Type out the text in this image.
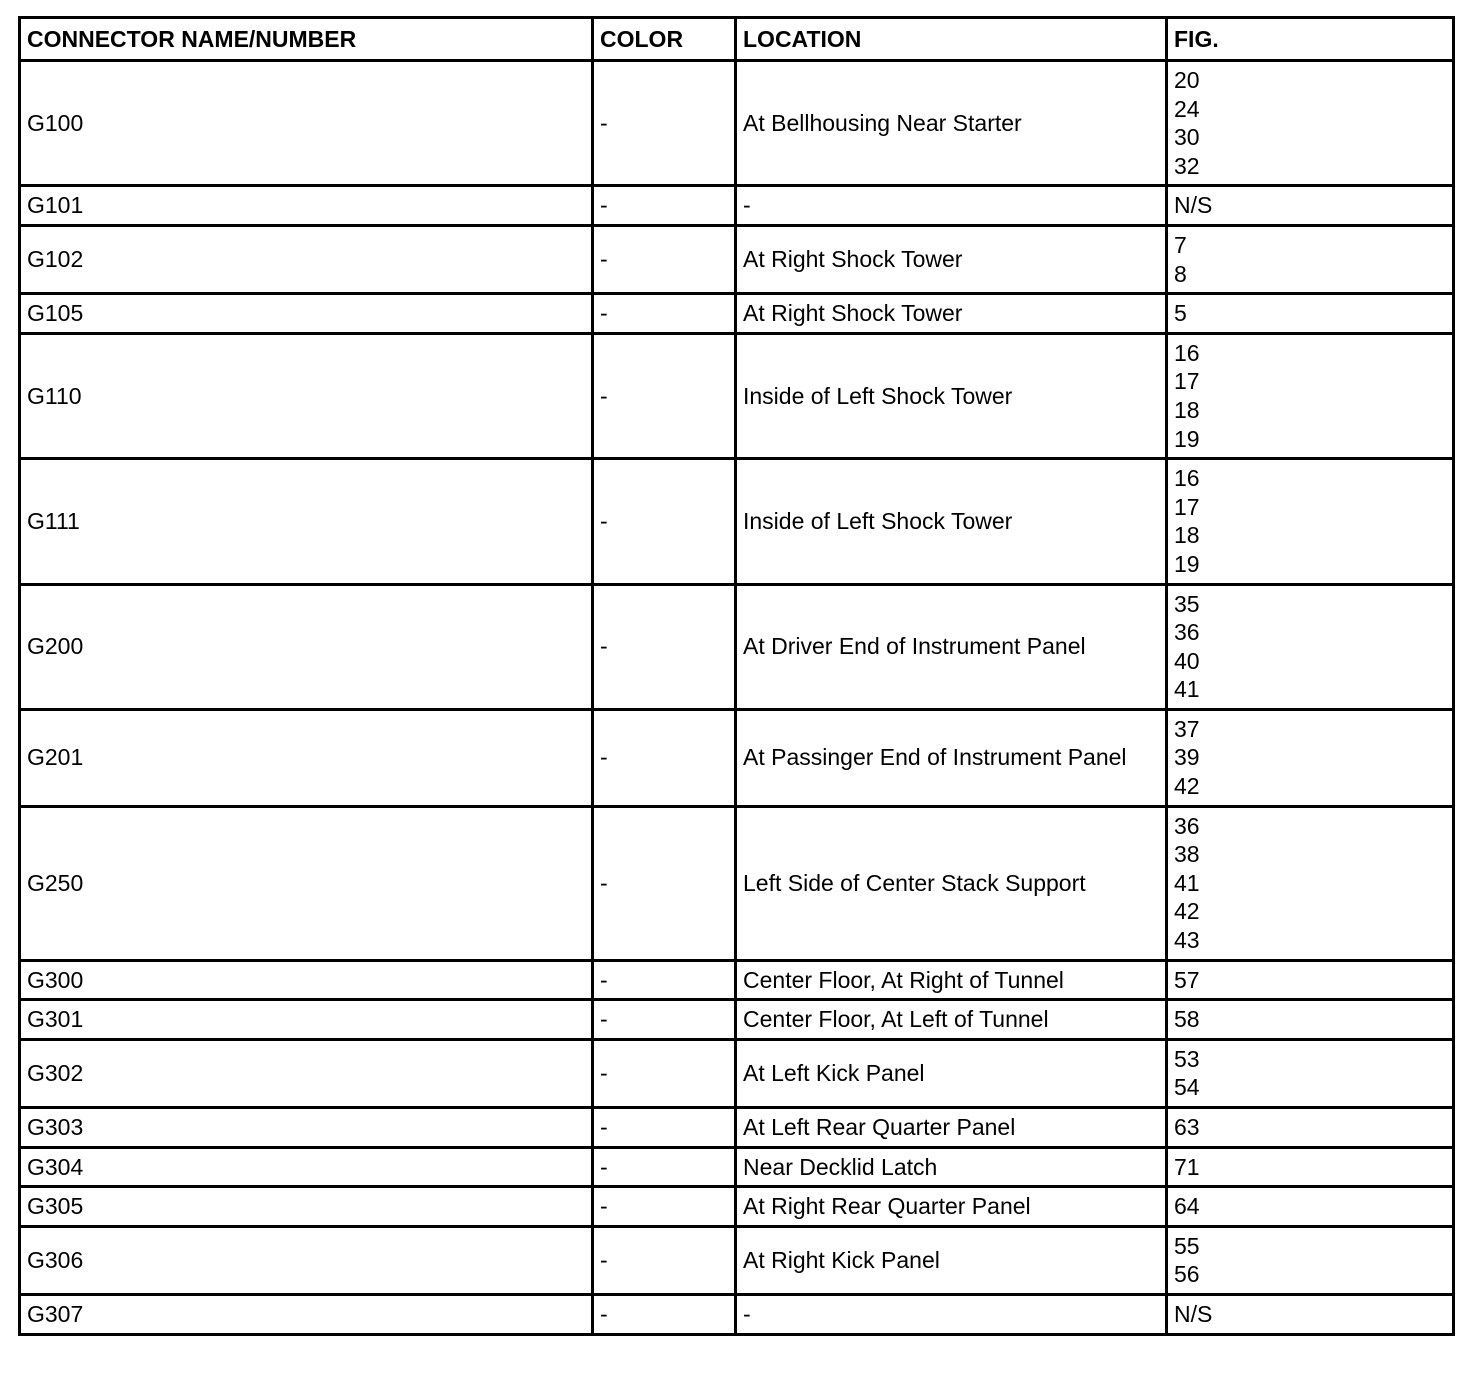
CONNECTOR NAME/NUMBER	COLOR	LOCATION	FIG.
G100	-	At Bellhousing Near Starter	20
24
30
32

G101	-	-	N/S

G102	-	At Right Shock Tower	7
8

G105	-	At Right Shock Tower	5

G110	-	Inside of Left Shock Tower	16
17
18
19

G111	-	Inside of Left Shock Tower	16
17
18
19

G200	-	At Driver End of Instrument Panel	35
36
40
41

G201	-	At Passinger End of Instrument Panel	37
39
42

G250	-	Left Side of Center Stack Support	36
38
41
42
43

G300	-	Center Floor, At Right of Tunnel	57

G301	-	Center Floor, At Left of Tunnel	58

G302	-	At Left Kick Panel	53
54

G303	-	At Left Rear Quarter Panel	63

G304	-	Near Decklid Latch	71

G305	-	At Right Rear Quarter Panel	64

G306	-	At Right Kick Panel	55
56

G307	-	-	N/S
